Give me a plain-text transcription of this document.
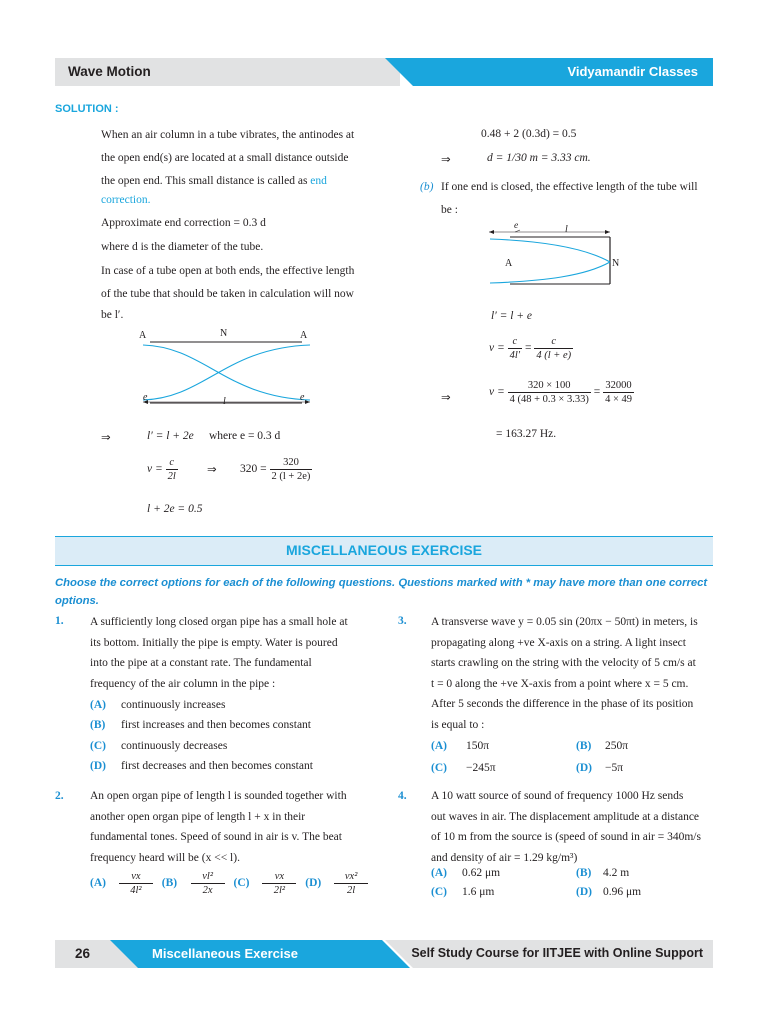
Wave Motion	Vidyamandir Classes
SOLUTION :
When an air column in a tube vibrates, the antinodes at
the open end(s) are located at a small distance outside
the open end. This small distance is called as end
correction.
Approximate end correction = 0.3 d
where d is the diameter of the tube.
In case of a tube open at both ends, the effective length
of the tube that should be taken in calculation will now
be l′.
A	N	A
e	l	e
⇒	l′ = l + 2e where e = 0.3 d
$v = \frac{c}{2l}$	⇒ $320 = \frac{320}{2 (l + 2e)}$
l + 2e = 0.5
0.48 + 2 (0.3d) = 0.5
⇒	d = 1/30 m = 3.33 cm.
(b) If one end is closed, the effective length of the tube will
be :
e	l
A	N
l′ = l + e
$v = \frac{c}{4l'} = \frac{c}{4 (l + e)}$
⇒	$v = \frac{320 \times 100}{4 (48 + 0.3 \times 3.33)} = \frac{32000}{4 \times 49}$
= 163.27 Hz.
MISCELLANEOUS EXERCISE
Choose the correct options for each of the following questions. Questions marked with * may have more than one correct options.
1. A sufficiently long closed organ pipe has a small hole at
its bottom. Initially the pipe is empty. Water is poured
into the pipe at a constant rate. The fundamental
frequency of the air column in the pipe :
(A) continuously increases
(B) first increases and then becomes constant
(C) continuously decreases
(D) first decreases and then becomes constant
2. An open organ pipe of length l is sounded together with
another open organ pipe of length l + x in their
fundamental tones. Speed of sound in air is v. The beat
frequency heard will be (x << l).
$(A) \frac{vx}{\text{4l²}} (B) \frac{\text{vl²}}{2x} (C) \frac{vx}{\text{2l²}} (D) \frac{\text{vx²}}{2l}$
3. A transverse wave y = 0.05 sin (20πx − 50πt) in meters, is
propagating along +ve X-axis on a string. A light insect
starts crawling on the string with the velocity of 5 cm/s at
t = 0 along the +ve X-axis from a point where x = 5 cm.
After 5 seconds the difference in the phase of its position
is equal to :
(A) 150π	(B) 250π
(C) −245π	(D) −5π
4. A 10 watt source of sound of frequency 1000 Hz sends
out waves in air. The displacement amplitude at a distance
of 10 m from the source is (speed of sound in air = 340m/s
and density of air = 1.29 kg/m³)
(A) 0.62 μm	(B) 4.2 m
(C) 1.6 μm	(D) 0.96 μm
26	Miscellaneous Exercise	Self Study Course for IITJEE with Online Support
